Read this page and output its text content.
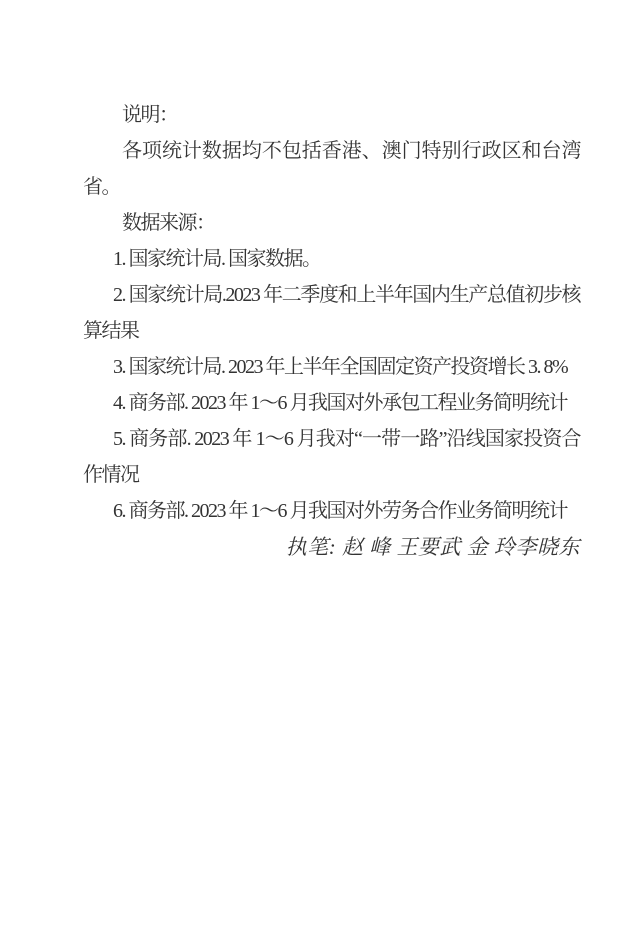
说明：

各项统计数据均不包括香港、澳门特别行政区和台湾省。

数据来源：

1. 国家统计局. 国家数据。

2. 国家统计局.2023 年二季度和上半年国内生产总值初步核算结果

3. 国家统计局. 2023 年上半年全国固定资产投资增长 3. 8%

4. 商务部. 2023 年 1～6 月我国对外承包工程业务简明统计

5. 商务部. 2023 年 1～6 月我对“一带一路”沿线国家投资合作情况

6. 商务部. 2023 年 1～6 月我国对外劳务合作业务简明统计

执笔: 赵 峰 王要武 金 玲李晓东
